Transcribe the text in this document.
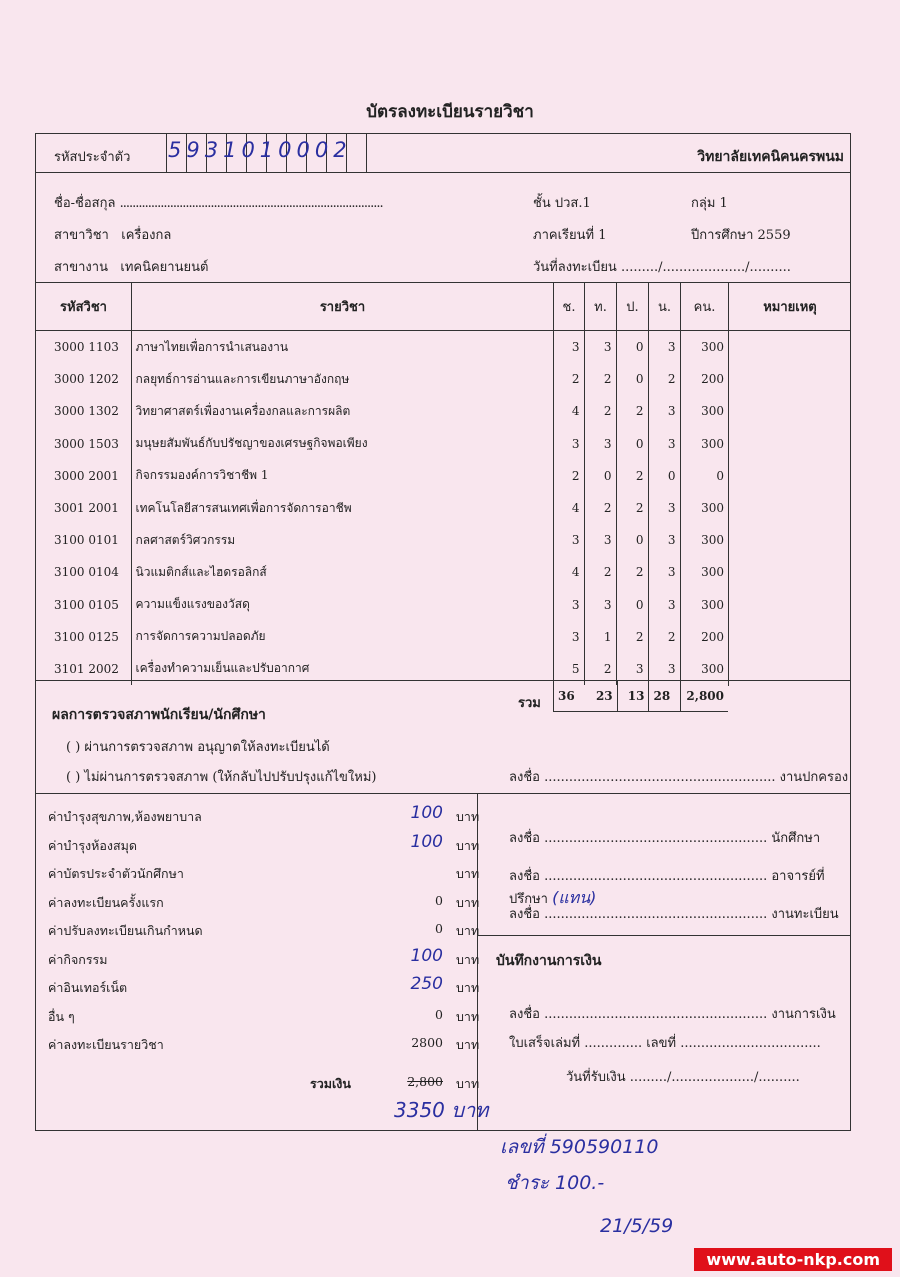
บัตรลงทะเบียนรายวิชา
รหัสประจำตัว 5931010002	วิทยาลัยเทคนิคนครพนม
ชื่อ-ชื่อสกุล ....................................................................................	ชั้น ปวส.1	กลุ่ม 1
สาขาวิชา เครื่องกล	ภาคเรียนที่ 1	ปีการศึกษา 2559
สาขางาน เทคนิคยานยนต์	วันที่ลงทะเบียน ........./..................../..........
รหัสวิชา	รายวิชา	ช.	ท.	ป.	น.	คน.	หมายเหตุ
3000 1103	ภาษาไทยเพื่อการนำเสนองาน	3	3	0	3	300
3000 1202	กลยุทธ์การอ่านและการเขียนภาษาอังกฤษ	2	2	0	2	200
3000 1302	วิทยาศาสตร์เพื่องานเครื่องกลและการผลิต	4	2	2	3	300
3000 1503	มนุษยสัมพันธ์กับปรัชญาของเศรษฐกิจพอเพียง	3	3	0	3	300
3000 2001	กิจกรรมองค์การวิชาชีพ 1	2	0	2	0	0
3001 2001	เทคโนโลยีสารสนเทศเพื่อการจัดการอาชีพ	4	2	2	3	300
3100 0101	กลศาสตร์วิศวกรรม	3	3	0	3	300
3100 0104	นิวแมติกส์และไฮดรอลิกส์	4	2	2	3	300
3100 0105	ความแข็งแรงของวัสดุ	3	3	0	3	300
3100 0125	การจัดการความปลอดภัย	3	1	2	2	200
3101 2002	เครื่องทำความเย็นและปรับอากาศ	5	2	3	3	300
รวม	36	23	13 28	2,800
ผลการตรวจสภาพนักเรียน/นักศึกษา
( ) ผ่านการตรวจสภาพ อนุญาตให้ลงทะเบียนได้
( ) ไม่ผ่านการตรวจสภาพ (ให้กลับไปปรับปรุงแก้ไขใหม่)	ลงชื่อ ........................................................ งานปกครอง
ค่าบำรุงสุขภาพ,ห้องพยาบาล	100 บาท
ค่าบำรุงห้องสมุด	100 บาท
ค่าบัตรประจำตัวนักศึกษา	บาท
ค่าลงทะเบียนครั้งแรก	0 บาท
ค่าปรับลงทะเบียนเกินกำหนด	0 บาท
ค่ากิจกรรม	100 บาท
ค่าอินเทอร์เน็ต	250 บาท
อื่น ๆ	0 บาท
ค่าลงทะเบียนรายวิชา	2800 บาท
รวมเงิน	2,800 บาท
3350 บาท
ลงชื่อ ...................................................... นักศึกษา
ลงชื่อ ...................................................... อาจารย์ที่ปรึกษา (แทน)
ลงชื่อ ...................................................... งานทะเบียน
บันทึกงานการเงิน
ลงชื่อ ...................................................... งานการเงิน
ใบเสร็จเล่มที่ .............. เลขที่ ..................................
วันที่รับเงิน ........./..................../..........
เลขที่ 590590110
ชำระ 100.-
21/5/59
www.auto-nkp.com
